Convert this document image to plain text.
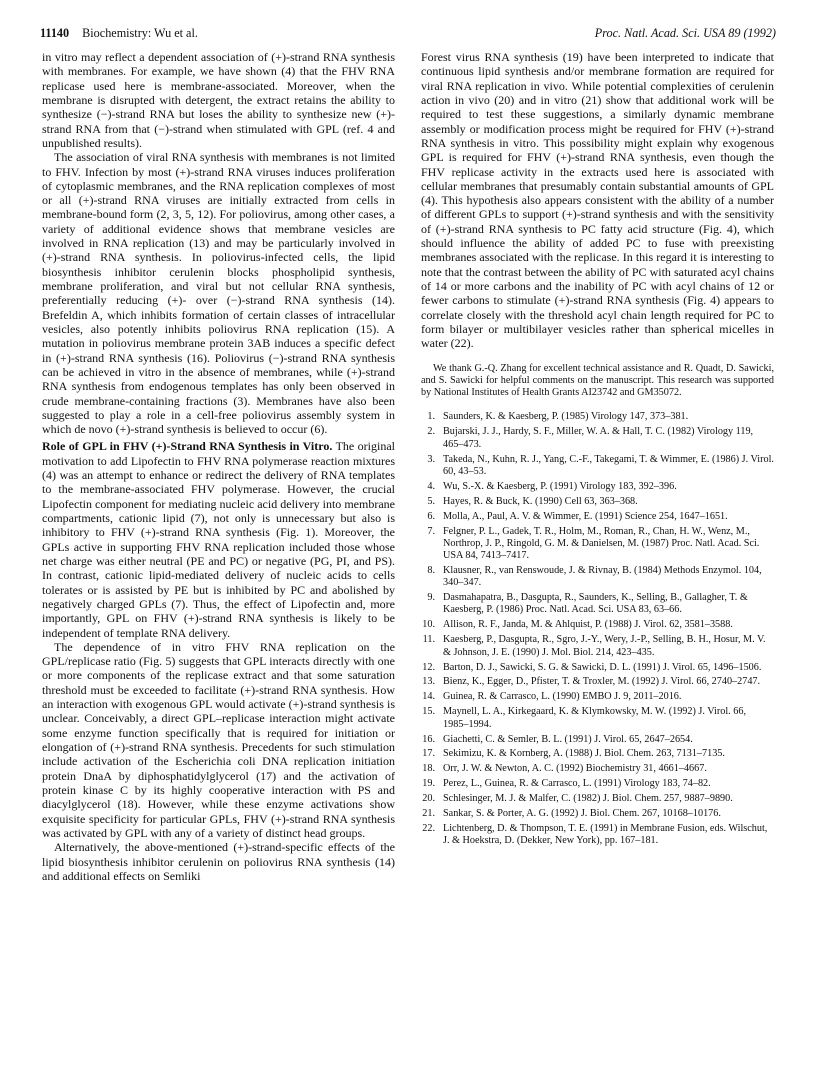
11140 Biochemistry: Wu et al.	Proc. Natl. Acad. Sci. USA 89 (1992)

in vitro may reflect a dependent association of (+)-strand RNA synthesis with membranes. For example, we have shown (4) that the FHV RNA replicase used here is membrane-associated. Moreover, when the membrane is disrupted with detergent, the extract retains the ability to synthesize (−)-strand RNA but loses the ability to synthesize new (+)-strand RNA from that (−)-strand when stimulated with GPL (ref. 4 and unpublished results).

The association of viral RNA synthesis with membranes is not limited to FHV. Infection by most (+)-strand RNA viruses induces proliferation of cytoplasmic membranes, and the RNA replication complexes of most or all (+)-strand RNA viruses are initially extracted from cells in membrane-bound form (2, 3, 5, 12). For poliovirus, among other cases, a variety of additional evidence shows that membrane vesicles are involved in RNA replication (13) and may be particularly involved in (+)-strand RNA synthesis. In poliovirus-infected cells, the lipid biosynthesis inhibitor cerulenin blocks phospholipid synthesis, membrane proliferation, and viral but not cellular RNA synthesis, preferentially reducing (+)- over (−)-strand RNA synthesis (14). Brefeldin A, which inhibits formation of certain classes of intracellular vesicles, also potently inhibits poliovirus RNA replication (15). A mutation in poliovirus membrane protein 3AB induces a specific defect in (+)-strand RNA synthesis (16). Poliovirus (−)-strand RNA synthesis can be achieved in vitro in the absence of membranes, while (+)-strand RNA synthesis from endogenous templates has only been observed in crude membrane-containing fractions (3). Membranes have also been suggested to play a role in a cell-free poliovirus assembly system in which de novo (+)-strand synthesis is believed to occur (6).

Role of GPL in FHV (+)-Strand RNA Synthesis in Vitro. The original motivation to add Lipofectin to FHV RNA polymerase reaction mixtures (4) was an attempt to enhance or redirect the delivery of RNA templates to the membrane-associated FHV polymerase. However, the crucial Lipofectin component for mediating nucleic acid delivery into membrane compartments, cationic lipid (7), not only is unnecessary but also is inhibitory to FHV (+)-strand RNA synthesis (Fig. 1). Moreover, the GPLs active in supporting FHV RNA replication included those whose net charge was either neutral (PE and PC) or negative (PG, PI, and PS). In contrast, cationic lipid-mediated delivery of nucleic acids to cells tolerates or is assisted by PE but is inhibited by PC and abolished by negatively charged GPLs (7). Thus, the effect of Lipofectin and, more importantly, GPL on FHV (+)-strand RNA synthesis is likely to be independent of template RNA delivery.

The dependence of in vitro FHV RNA replication on the GPL/replicase ratio (Fig. 5) suggests that GPL interacts directly with one or more components of the replicase extract and that some saturation threshold must be exceeded to facilitate (+)-strand RNA synthesis. How an interaction with exogenous GPL would activate (+)-strand synthesis is unclear. Conceivably, a direct GPL–replicase interaction might activate some enzyme function specifically that is required for initiation or elongation of (+)-strand RNA synthesis. Precedents for such stimulation include activation of the Escherichia coli DNA replication initiation protein DnaA by diphosphatidylglycerol (17) and the activation of protein kinase C by its highly cooperative interaction with PS and diacylglycerol (18). However, while these enzyme activations show exquisite specificity for particular GPLs, FHV (+)-strand RNA synthesis was activated by GPL with any of a variety of distinct head groups.

Alternatively, the above-mentioned (+)-strand-specific effects of the lipid biosynthesis inhibitor cerulenin on poliovirus RNA synthesis (14) and additional effects on Semliki

Forest virus RNA synthesis (19) have been interpreted to indicate that continuous lipid synthesis and/or membrane formation are required for viral RNA replication in vivo. While potential complexities of cerulenin action in vivo (20) and in vitro (21) show that additional work will be required to test these suggestions, a similarly dynamic membrane assembly or modification process might be required for FHV (+)-strand RNA synthesis in vitro. This possibility might explain why exogenous GPL is required for FHV (+)-strand RNA synthesis, even though the FHV replicase activity in the extracts used here is associated with cellular membranes that presumably contain substantial amounts of GPL (4). This hypothesis also appears consistent with the ability of a number of different GPLs to support (+)-strand synthesis and with the sensitivity of (+)-strand RNA synthesis to PC fatty acid structure (Fig. 4), which should influence the ability of added PC to fuse with preexisting membranes associated with the replicase. In this regard it is interesting to note that the contrast between the ability of PC with saturated acyl chains of 14 or more carbons and the inability of PC with acyl chains of 12 or fewer carbons to stimulate (+)-strand RNA synthesis (Fig. 4) appears to correlate closely with the threshold acyl chain length required for PC to form bilayer or multibilayer vesicles rather than spherical micelles in water (22).

We thank G.-Q. Zhang for excellent technical assistance and R. Quadt, D. Sawicki, and S. Sawicki for helpful comments on the manuscript. This research was supported by National Institutes of Health Grants AI23742 and GM35072.

1. Saunders, K. & Kaesberg, P. (1985) Virology 147, 373–381.
2. Bujarski, J. J., Hardy, S. F., Miller, W. A. & Hall, T. C. (1982) Virology 119, 465–473.
3. Takeda, N., Kuhn, R. J., Yang, C.-F., Takegami, T. & Wimmer, E. (1986) J. Virol. 60, 43–53.
4. Wu, S.-X. & Kaesberg, P. (1991) Virology 183, 392–396.
5. Hayes, R. & Buck, K. (1990) Cell 63, 363–368.
6. Molla, A., Paul, A. V. & Wimmer, E. (1991) Science 254, 1647–1651.
7. Felgner, P. L., Gadek, T. R., Holm, M., Roman, R., Chan, H. W., Wenz, M., Northrop, J. P., Ringold, G. M. & Danielsen, M. (1987) Proc. Natl. Acad. Sci. USA 84, 7413–7417.
8. Klausner, R., van Renswoude, J. & Rivnay, B. (1984) Methods Enzymol. 104, 340–347.
9. Dasmahapatra, B., Dasgupta, R., Saunders, K., Selling, B., Gallagher, T. & Kaesberg, P. (1986) Proc. Natl. Acad. Sci. USA 83, 63–66.
10. Allison, R. F., Janda, M. & Ahlquist, P. (1988) J. Virol. 62, 3581–3588.
11. Kaesberg, P., Dasgupta, R., Sgro, J.-Y., Wery, J.-P., Selling, B. H., Hosur, M. V. & Johnson, J. E. (1990) J. Mol. Biol. 214, 423–435.
12. Barton, D. J., Sawicki, S. G. & Sawicki, D. L. (1991) J. Virol. 65, 1496–1506.
13. Bienz, K., Egger, D., Pfister, T. & Troxler, M. (1992) J. Virol. 66, 2740–2747.
14. Guinea, R. & Carrasco, L. (1990) EMBO J. 9, 2011–2016.
15. Maynell, L. A., Kirkegaard, K. & Klymkowsky, M. W. (1992) J. Virol. 66, 1985–1994.
16. Giachetti, C. & Semler, B. L. (1991) J. Virol. 65, 2647–2654.
17. Sekimizu, K. & Kornberg, A. (1988) J. Biol. Chem. 263, 7131–7135.
18. Orr, J. W. & Newton, A. C. (1992) Biochemistry 31, 4661–4667.
19. Perez, L., Guinea, R. & Carrasco, L. (1991) Virology 183, 74–82.
20. Schlesinger, M. J. & Malfer, C. (1982) J. Biol. Chem. 257, 9887–9890.
21. Sankar, S. & Porter, A. G. (1992) J. Biol. Chem. 267, 10168–10176.
22. Lichtenberg, D. & Thompson, T. E. (1991) in Membrane Fusion, eds. Wilschut, J. & Hoekstra, D. (Dekker, New York), pp. 167–181.
